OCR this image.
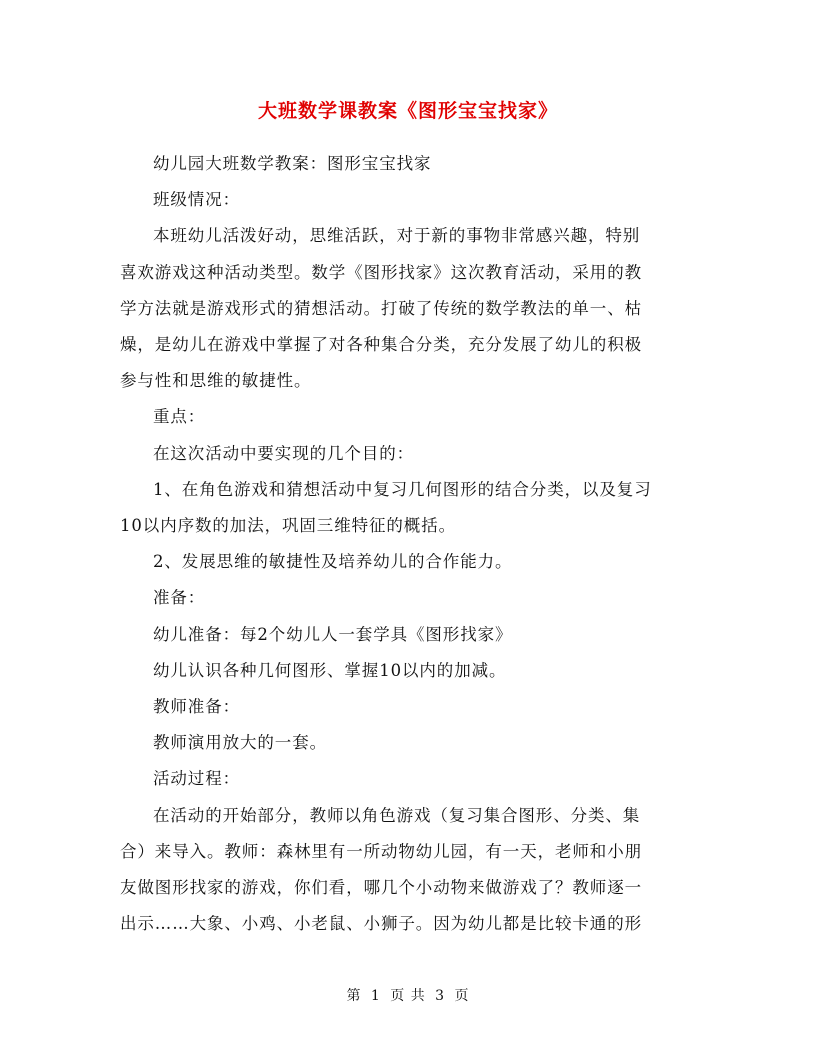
大班数学课教案《图形宝宝找家》

幼儿园大班数学教案：图形宝宝找家

班级情况：

本班幼儿活泼好动，思维活跃，对于新的事物非常感兴趣，特别
喜欢游戏这种活动类型。数学《图形找家》这次教育活动，采用的教
学方法就是游戏形式的猜想活动。打破了传统的数学教法的单一、枯
燥，是幼儿在游戏中掌握了对各种集合分类，充分发展了幼儿的积极
参与性和思维的敏捷性。

重点：

在这次活动中要实现的几个目的：

1、在角色游戏和猜想活动中复习几何图形的结合分类，以及复习
10以内序数的加法，巩固三维特征的概括。

2、发展思维的敏捷性及培养幼儿的合作能力。

准备：

幼儿准备：每2个幼儿人一套学具《图形找家》

幼儿认识各种几何图形、掌握10以内的加减。

教师准备：

教师演用放大的一套。

活动过程：

在活动的开始部分，教师以角色游戏（复习集合图形、分类、集
合）来导入。教师：森林里有一所动物幼儿园，有一天，老师和小朋
友做图形找家的游戏，你们看，哪几个小动物来做游戏了？教师逐一
出示……大象、小鸡、小老鼠、小狮子。因为幼儿都是比较卡通的形

第 1 页 共 3 页
